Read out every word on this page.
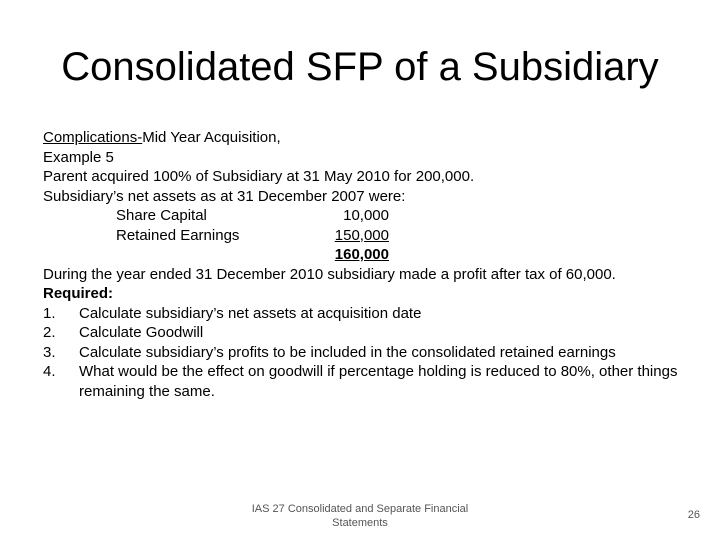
Consolidated SFP of a Subsidiary
Complications-Mid Year Acquisition,
Example 5
Parent acquired 100% of Subsidiary at 31 May 2010 for 200,000.
Subsidiary’s net assets as at 31 December 2007 were:
Share Capital	10,000
Retained Earnings	150,000
160,000
During the year ended 31 December 2010 subsidiary made a profit after tax of 60,000.
Required:
1. Calculate subsidiary’s net assets at acquisition date
2. Calculate Goodwill
3. Calculate subsidiary’s profits to be included in the consolidated retained earnings
4. What would be the effect on goodwill if percentage holding is reduced to 80%, other things remaining the same.
IAS 27 Consolidated and Separate Financial Statements
26
